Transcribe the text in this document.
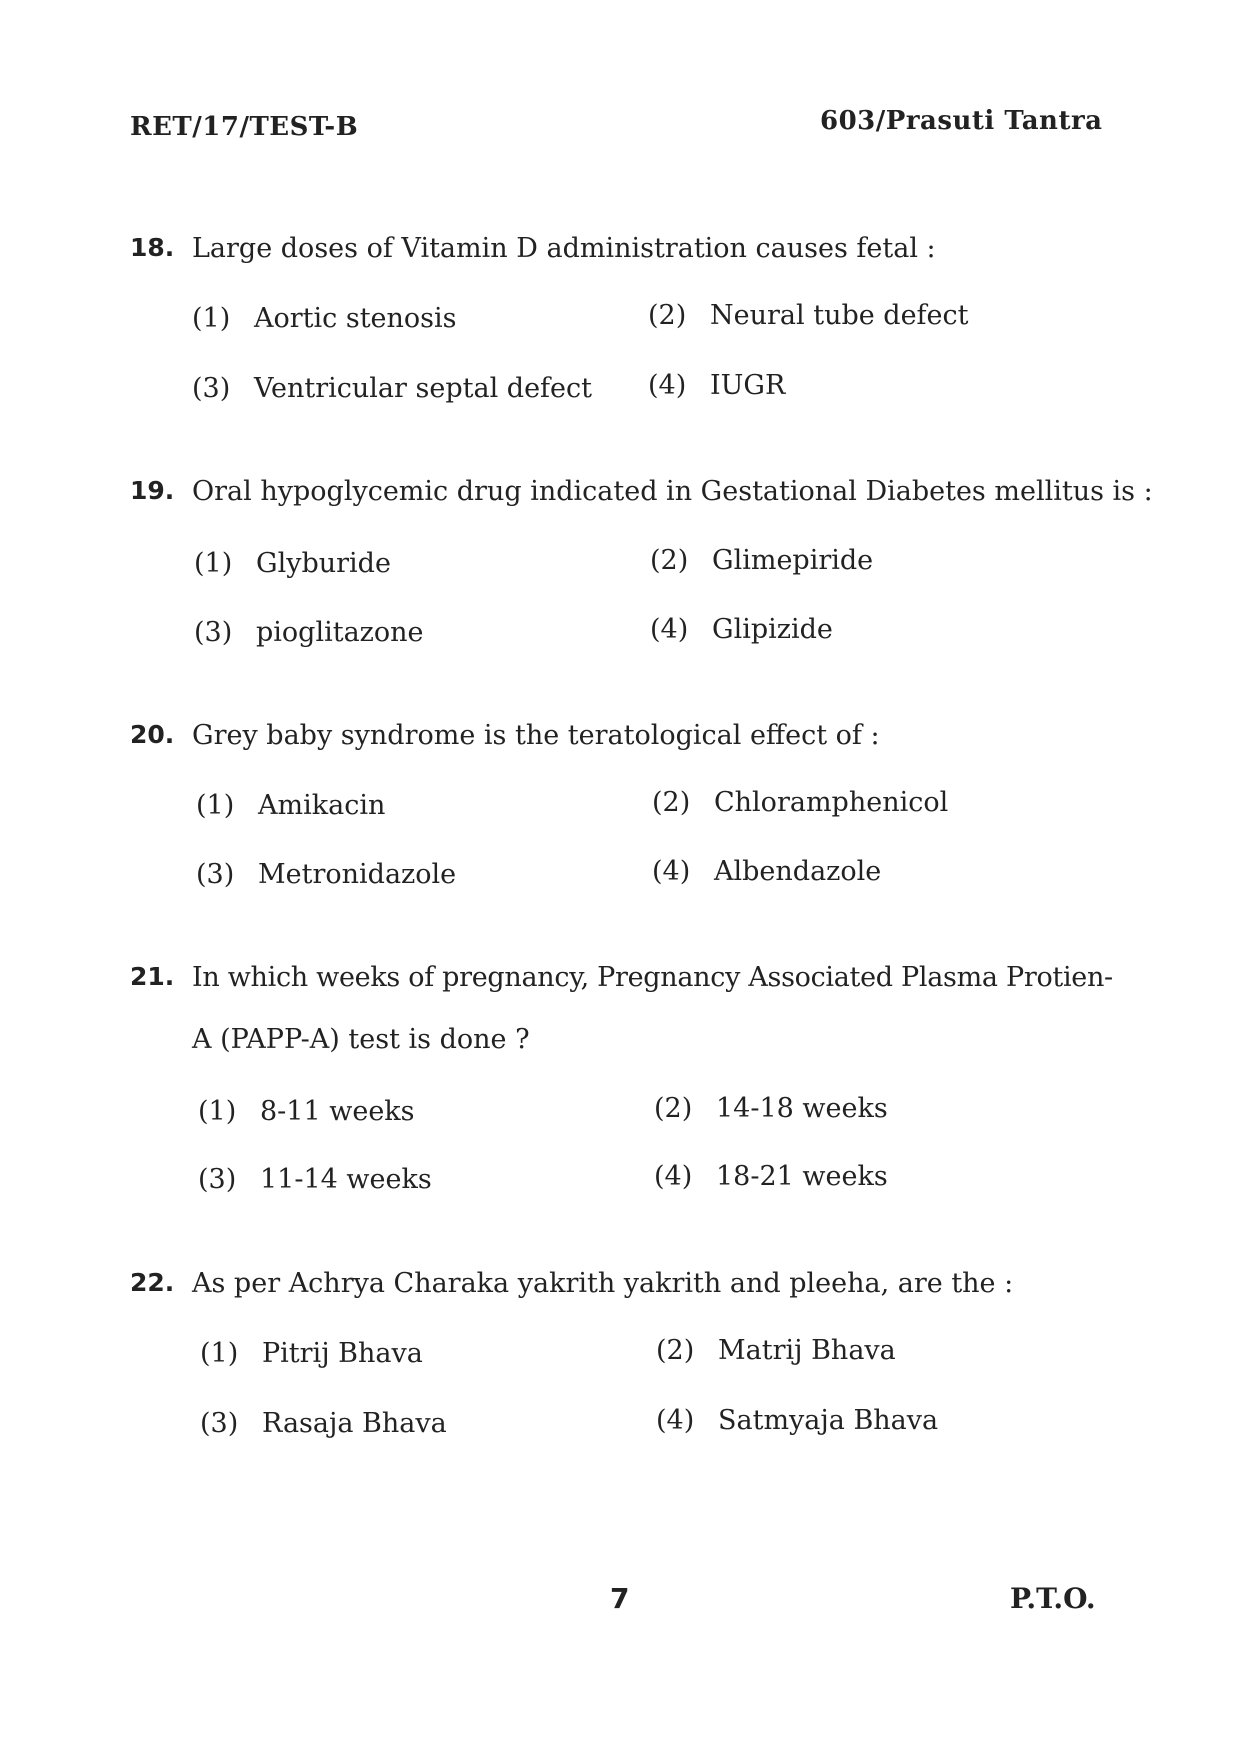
RET/17/TEST-B	603/Prasuti Tantra
18. Large doses of Vitamin D administration causes fetal :
(1) Aortic stenosis	(2) Neural tube defect
(3) Ventricular septal defect (4) IUGR
19. Oral hypoglycemic drug indicated in Gestational Diabetes mellitus is :
(1) Glyburide	(2) Glimepiride
(3) pioglitazone	(4) Glipizide
20. Grey baby syndrome is the teratological effect of :
(1) Amikacin	(2) Chloramphenicol
(3) Metronidazole	(4) Albendazole
21. In which weeks of pregnancy, Pregnancy Associated Plasma Protien-
A (PAPP-A) test is done ?
(1) 8-11 weeks	(2) 14-18 weeks
(3) 11-14 weeks	(4) 18-21 weeks
22. As per Achrya Charaka yakrith yakrith and pleeha, are the :
(1) Pitrij Bhava	(2) Matrij Bhava
(3) Rasaja Bhava	(4) Satmyaja Bhava
7	P.T.O.
